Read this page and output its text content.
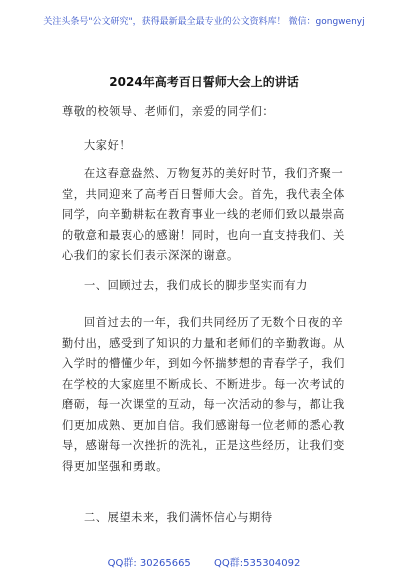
关注头条号"公文研究"，获得最新最全最专业的公文资料库！ 微信：gongwenyj
2024年高考百日誓师大会上的讲话
尊敬的校领导、老师们，亲爱的同学们：
大家好！
在这春意盎然、万物复苏的美好时节，我们齐聚一堂，共同迎来了高考百日誓师大会。首先，我代表全体同学，向辛勤耕耘在教育事业一线的老师们致以最崇高的敬意和最衷心的感谢！同时，也向一直支持我们、关心我们的家长们表示深深的谢意。
一、回顾过去，我们成长的脚步坚实而有力
回首过去的一年，我们共同经历了无数个日夜的辛勤付出，感受到了知识的力量和老师们的辛勤教诲。从入学时的懵懂少年，到如今怀揣梦想的青春学子，我们在学校的大家庭里不断成长、不断进步。每一次考试的磨砺，每一次课堂的互动，每一次活动的参与，都让我们更加成熟、更加自信。我们感谢每一位老师的悉心教导，感谢每一次挫折的洗礼，正是这些经历，让我们变得更加坚强和勇敢。
二、展望未来，我们满怀信心与期待
QQ群: 30265665 QQ群:535304092
